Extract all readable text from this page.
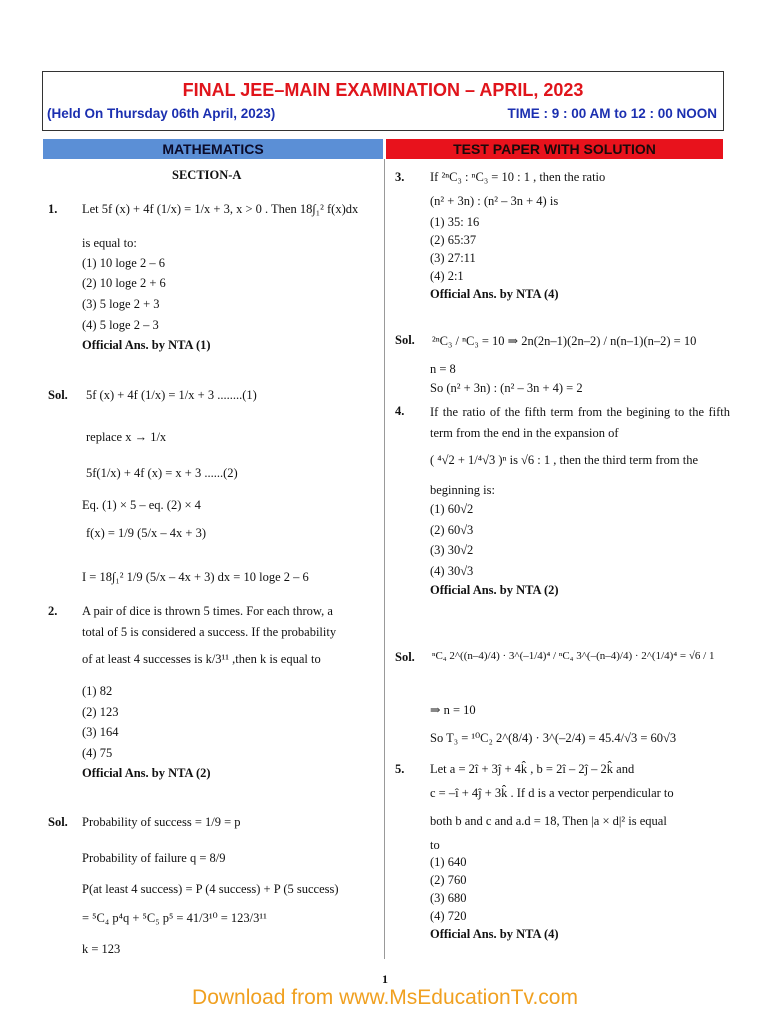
FINAL JEE–MAIN EXAMINATION – APRIL, 2023
(Held On Thursday 06th April, 2023)	TIME : 9 : 00 AM to 12 : 00 NOON
MATHEMATICS	TEST PAPER WITH SOLUTION
SECTION-A
1. Let 5f (x) + 4f (1/x) = 1/x + 3, x > 0 . Then 18∫₁² f(x)dx
is equal to:
(1) 10 loge 2 – 6
(2) 10 loge 2 + 6
(3) 5 loge 2 + 3
(4) 5 loge 2 – 3
Official Ans. by NTA (1)
Sol. 5f (x) + 4f (1/x) = 1/x + 3 ........(1)
replace x → 1/x
5f(1/x) + 4f (x) = x + 3 ......(2)
Eq. (1) × 5 – eq. (2) × 4
f(x) = 1/9 (5/x – 4x + 3)
I = 18∫₁² 1/9 (5/x – 4x + 3) dx = 10 loge 2 – 6
2. A pair of dice is thrown 5 times. For each throw, a
total of 5 is considered a success. If the probability
of at least 4 successes is k/3¹¹ ,then k is equal to
(1) 82
(2) 123
(3) 164
(4) 75
Official Ans. by NTA (2)
Sol. Probability of success = 1/9 = p
Probability of failure q = 8/9
P(at least 4 success) = P (4 success) + P (5 success)
= ⁵C₄ p⁴q + ⁵C₅ p⁵ = 41/3¹⁰ = 123/3¹¹
k = 123
3. If ²ⁿC₃ : ⁿC₃ = 10 : 1 , then the ratio
(n² + 3n) : (n² – 3n + 4) is
(1) 35: 16
(2) 65:37
(3) 27:11
(4) 2:1
Official Ans. by NTA (4)
Sol. ²ⁿC₃ / ⁿC₃ = 10 ⇒ 2n(2n–1)(2n–2) / n(n–1)(n–2) = 10
n = 8
So (n² + 3n) : (n² – 3n + 4) = 2
4. If the ratio of the fifth term from the begining to the fifth term from the end in the expansion of
( ⁴√2 + 1/⁴√3 )ⁿ is √6 : 1 , then the third term from the
beginning is:
(1) 60√2
(2) 60√3
(3) 30√2
(4) 30√3
Official Ans. by NTA (2)
Sol. ⁿC₄ 2^((n–4)/4) · 3^(–1/4)⁴ / ⁿC₄ 3^(–(n–4)/4) · 2^(1/4)⁴ = √6 / 1
⇒ n = 10
So T₃ = ¹⁰C₂ 2^(8/4) · 3^(–2/4) = 45.4/√3 = 60√3
5. Let a = 2î + 3ĵ + 4k̂ , b = 2î – 2ĵ – 2k̂ and
c = –î + 4ĵ + 3k̂ . If d is a vector perpendicular to
both b and c and a.d = 18, Then |a × d|² is equal
to
(1) 640
(2) 760
(3) 680
(4) 720
Official Ans. by NTA (4)
1
Download from www.MsEducationTv.com
